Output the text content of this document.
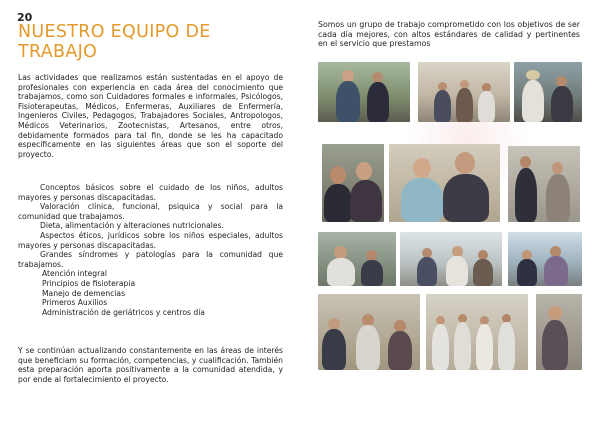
20
NUESTRO EQUIPO DE TRABAJO

Las actividades que realizamos están sustentadas en el apoyo de profesionales con experiencia en cada área del conocimiento que trabajamos, como son Cuidadores formales e informales, Psicólogos, Fisioterapeutas, Médicos, Enfermeras, Auxiliares de Enfermería, Ingenieros Civiles, Pedagogos, Trabajadores Sociales, Antropologos, Médicos Veterinarios, Zootecnistas, Artesanos, entre otros, debidamente formados para tal fin, donde se les ha capacitado específicamente en las siguientes áreas que son el soporte del proyecto.

Conceptos básicos sobre el cuidado de los niños, adultos mayores y personas discapacitadas.

Valoración clínica, funcional, psiquica y social para la comunidad que trabajamos.

Dieta, alimentación y alteraciones nutricionales.

Aspectos éticos, jurídicos sobre los niños especiales, adultos mayores y personas discapacitadas.

Grandes síndromes y patologías para la comunidad que trabajamos.

Atención integral

Principios de fisioterapia

Manejo de demencias

Primeros Auxilios

Administración de geriátricos y centros día

Y se continúan actualizando constantemente en las áreas de interés que beneficiam su formación, competencias, y cualificación. También esta preparación aporta positivamente a la comunidad atendida, y por ende al fortalecimiento el proyecto.

Somos un grupo de trabajo comprometido con los objetivos de ser cada día mejores, con altos estándares de calidad y pertinentes en el servicio que prestamos
